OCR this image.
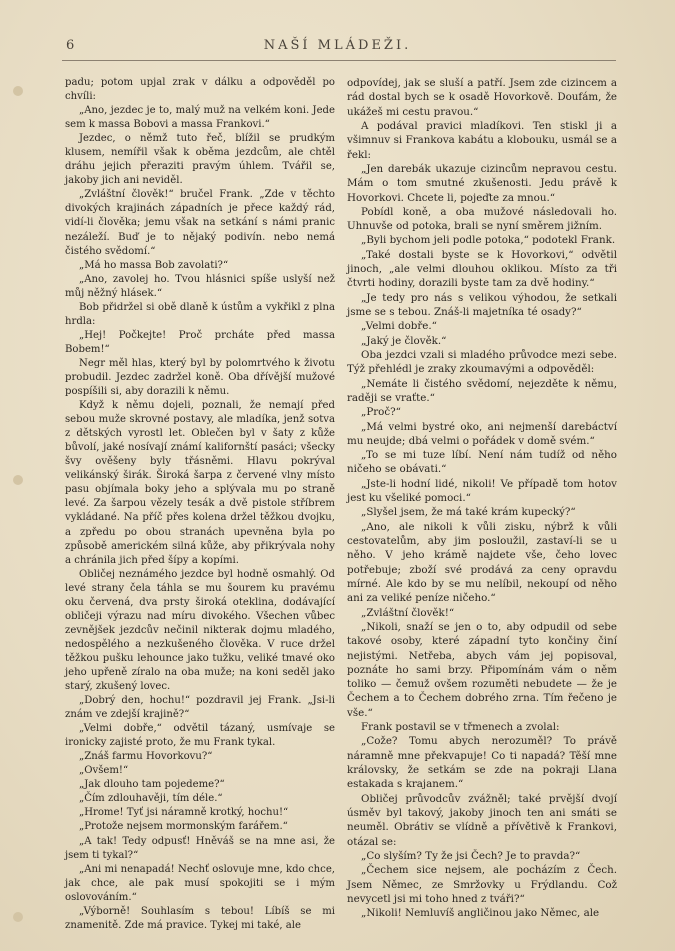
6	NAŠÍ MLÁDEŽI.

padu; potom upjal zrak v dálku a odpověděl po chvíli:

„Ano, jezdec je to, malý muž na velkém koni. Jede sem k massa Bobovi a massa Frankovi.“

Jezdec, o němž tuto řeč, blížil se prudkým klusem, nemířil však k oběma jezdcům, ale chtěl dráhu jejich přeraziti pravým úhlem. Tvářil se, jakoby jich ani neviděl.

„Zvláštní člověk!“ bručel Frank. „Zde v těchto divokých krajinách západních je přece každý rád, vidí-li člověka; jemu však na setkání s námi pranic nezáleží. Buď je to nějaký podivín. nebo nemá čistého svědomí.“

„Má ho massa Bob zavolati?“

„Ano, zavolej ho. Tvou hlásnici spíše uslyší než můj něžný hlásek.“

Bob přidržel si obě dlaně k ústům a vykřikl z plna hrdla:

„Hej! Počkejte! Proč prcháte před massa Bobem!“

Negr měl hlas, který byl by polomrtvého k životu probudil. Jezdec zadržel koně. Oba dřívější mužové pospíšili si, aby dorazili k němu.

Když k němu dojeli, poznali, že nemají před sebou muže skrovné postavy, ale mladíka, jenž sotva z dětských vyrostl let. Oblečen byl v šaty z kůže bůvolí, jaké nosívají známí kalifornští pasáci; všecky švy ověšeny byly třásněmi. Hlavu pokrýval velikánský širák. Široká šarpa z červené vlny místo pasu objímala boky jeho a splývala mu po straně levé. Za šarpou vězely tesák a dvě pistole stříbrem vykládané. Na příč přes kolena držel těžkou dvojku, a zpředu po obou stranách upevněna byla po způsobě americkém silná kůže, aby přikrývala nohy a chránila jich před šípy a kopími.

Obličej neznámého jezdce byl hodně osmahlý. Od levé strany čela táhla se mu šourem ku pravému oku červená, dva prsty široká oteklina, dodávající obličeji výrazu nad míru divokého. Všechen vůbec zevnějšek jezdcův nečinil nikterak dojmu mladého, nedospělého a nezkušeného člověka. V ruce držel těžkou pušku lehounce jako tužku, veliké tmavé oko jeho upřeně zíralo na oba muže; na koni seděl jako starý, zkušený lovec.

„Dobrý den, hochu!“ pozdravil jej Frank. „Jsi-li znám ve zdejší krajině?“

„Velmi dobře,“ odvětil tázaný, usmívaje se ironicky zajisté proto, že mu Frank tykal.

„Znáš farmu Hovorkovu?“

„Ovšem!“

„Jak dlouho tam pojedeme?“

„Čím zdlouhavěji, tím déle.“

„Hrome! Tyť jsi náramně krotký, hochu!“

„Protože nejsem mormonským farářem.“

„A tak! Tedy odpusť! Hněváš se na mne asi, že jsem ti tykal?“

„Ani mi nenapadá! Nechť oslovuje mne, kdo chce, jak chce, ale pak musí spokojiti se i mým oslovováním.“

„Výborně! Souhlasím s tebou! Líbíš se mi znamenitě. Zde má pravice. Tykej mi také, ale

odpovídej, jak se sluší a patří. Jsem zde cizincem a rád dostal bych se k osadě Hovorkově. Doufám, že ukážeš mi cestu pravou.“

A podával pravici mladíkovi. Ten stiskl ji a všimnuv si Frankova kabátu a klobouku, usmál se a řekl:

„Jen darebák ukazuje cizincům nepravou cestu. Mám o tom smutné zkušenosti. Jedu právě k Hovorkovi. Chcete li, pojeďte za mnou.“

Pobídl koně, a oba mužové následovali ho. Uhnuvše od potoka, brali se nyní směrem jižním.

„Byli bychom jeli podle potoka,“ podotekl Frank.

„Také dostali byste se k Hovorkovi,“ odvětil jinoch, „ale velmi dlouhou oklikou. Místo za tři čtvrti hodiny, dorazili byste tam za dvě hodiny.“

„Je tedy pro nás s velikou výhodou, že setkali jsme se s tebou. Znáš-li majetníka té osady?“

„Velmi dobře.“

„Jaký je člověk.“

Oba jezdci vzali si mladého průvodce mezi sebe. Týž přehlédl je zraky zkoumavými a odpověděl:

„Nemáte li čistého svědomí, nejezděte k němu, raději se vraťte.“

„Proč?“

„Má velmi bystré oko, ani nejmenší darebáctví mu neujde; dbá velmi o pořádek v domě svém.“

„To se mi tuze líbí. Není nám tudíž od něho ničeho se obávati.“

„Jste-li hodní lidé, nikoli! Ve případě tom hotov jest ku všeliké pomoci.“

„Slyšel jsem, že má také krám kupecký?“

„Ano, ale nikoli k vůli zisku, nýbrž k vůli cestovatelům, aby jim posloužil, zastaví-li se u něho. V jeho krámě najdete vše, čeho lovec potřebuje; zboží své prodává za ceny opravdu mírné. Ale kdo by se mu nelíbil, nekoupí od něho ani za veliké peníze ničeho.“

„Zvláštní člověk!“

„Nikoli, snaží se jen o to, aby odpudil od sebe takové osoby, které západní tyto končiny činí nejistými. Netřeba, abych vám jej popisoval, poznáte ho sami brzy. Připomínám vám o něm toliko — čemuž ovšem rozuměti nebudete — že je Čechem a to Čechem dobrého zrna. Tím řečeno je vše.“

Frank postavil se v třmenech a zvolal:

„Cože? Tomu abych nerozuměl? To právě náramně mne překvapuje! Co ti napadá? Těší mne královsky, že setkám se zde na pokraji Llana estakada s krajanem.“

Obličej průvodcův zvážněl; také prvější dvojí úsměv byl takový, jakoby jinoch ten ani smáti se neuměl. Obrátiv se vlídně a přívětivě k Frankovi, otázal se:

„Co slyším? Ty že jsi Čech? Je to pravda?“

„Čechem sice nejsem, ale pocházím z Čech. Jsem Němec, ze Smržovky u Frýdlandu. Což nevycetl jsi mi toho hned z tváři?“

„Nikoli! Nemluvíš angličinou jako Němec, ale
